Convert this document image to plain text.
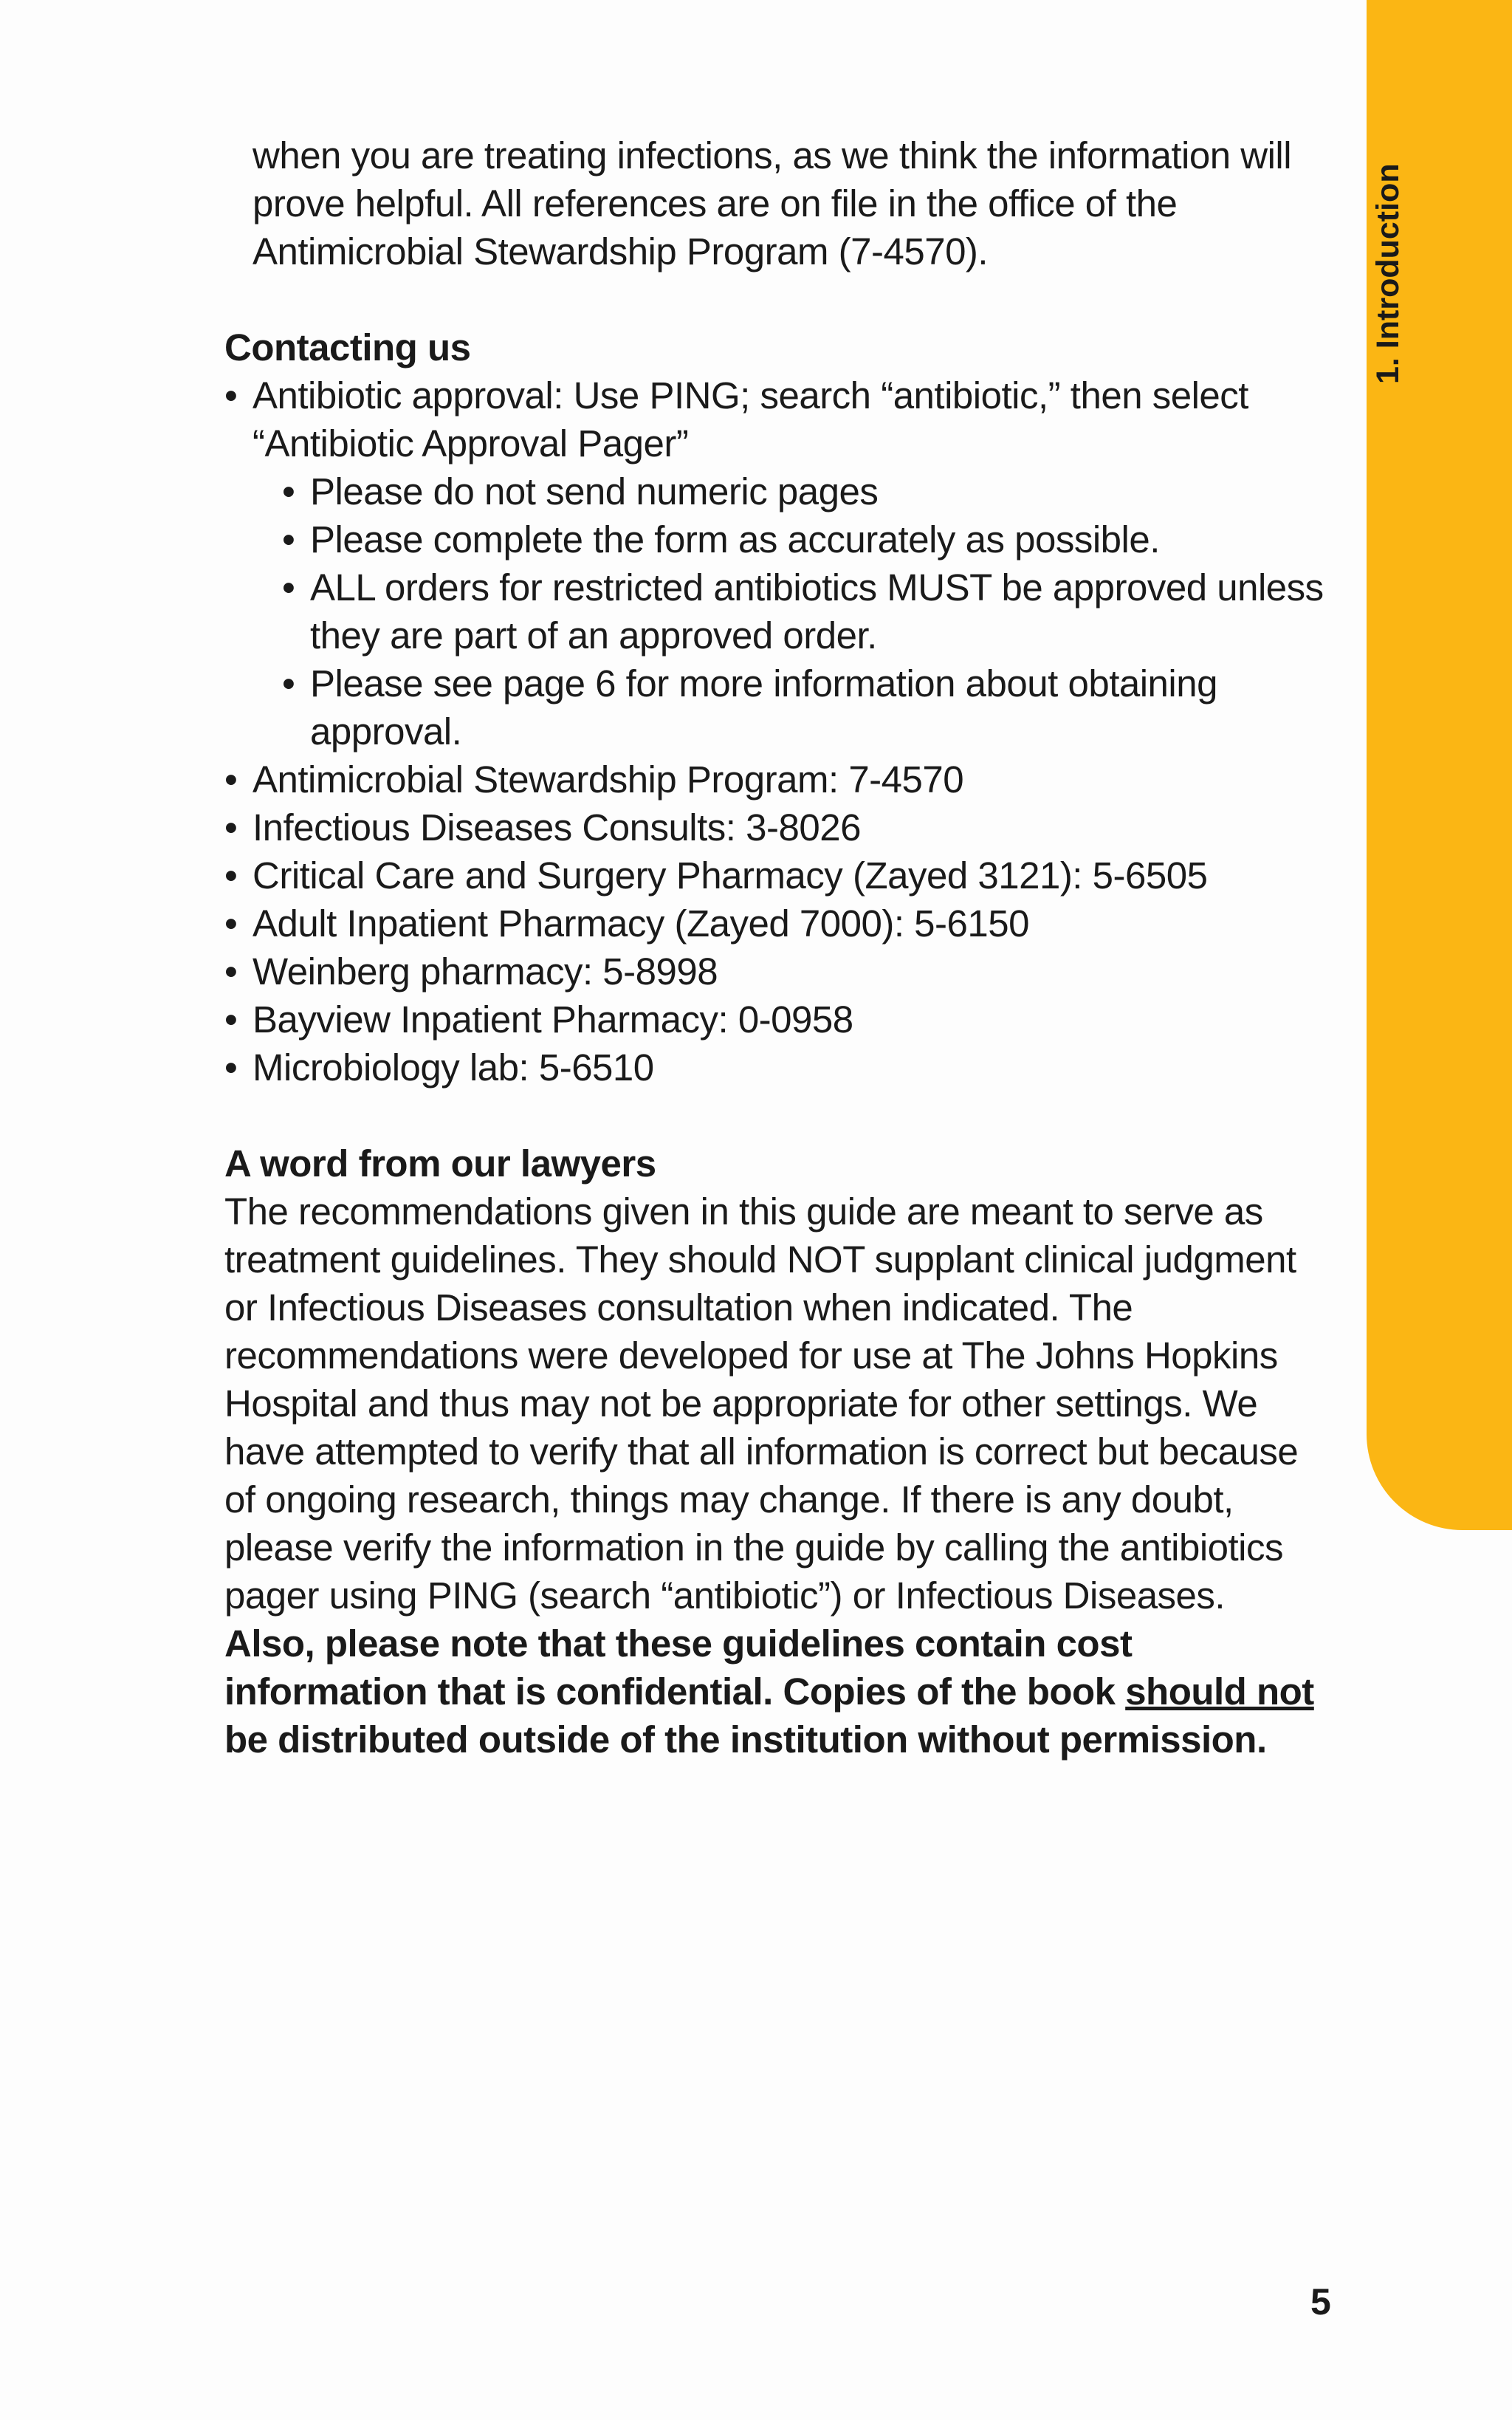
1. Introduction

when you are treating infections, as we think the information will prove helpful. All references are on file in the office of the Antimicrobial Stewardship Program (7-4570).

Contacting us

• Antibiotic approval: Use PING; search “antibiotic,” then select “Antibiotic Approval Pager”
• Please do not send numeric pages
• Please complete the form as accurately as possible.
• ALL orders for restricted antibiotics MUST be approved unless they are part of an approved order.
• Please see page 6 for more information about obtaining approval.
• Antimicrobial Stewardship Program: 7-4570
• Infectious Diseases Consults: 3-8026
• Critical Care and Surgery Pharmacy (Zayed 3121): 5-6505
• Adult Inpatient Pharmacy (Zayed 7000): 5-6150
• Weinberg pharmacy: 5-8998
• Bayview Inpatient Pharmacy: 0-0958
• Microbiology lab: 5-6510

A word from our lawyers

The recommendations given in this guide are meant to serve as treatment guidelines. They should NOT supplant clinical judgment or Infectious Diseases consultation when indicated. The recommendations were developed for use at The Johns Hopkins Hospital and thus may not be appropriate for other settings. We have attempted to verify that all information is correct but because of ongoing research, things may change. If there is any doubt, please verify the information in the guide by calling the antibiotics pager using PING (search “antibiotic”) or Infectious Diseases.

Also, please note that these guidelines contain cost information that is confidential. Copies of the book should not be distributed outside of the institution without permission.

5
